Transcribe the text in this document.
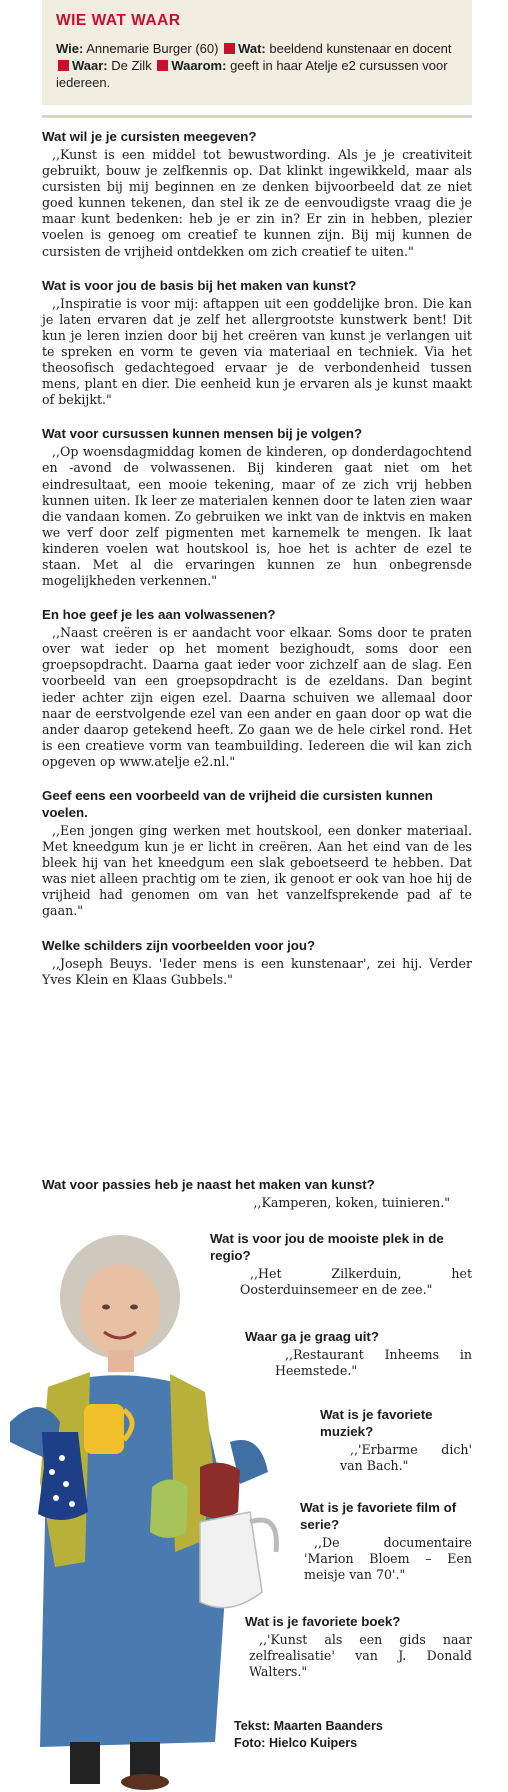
WIE WAT WAAR
Wie: Annemarie Burger (60) Wat: beeldend kunstenaar en docent Waar: De Zilk Waarom: geeft in haar Atelje e2 cursussen voor iedereen.
Wat wil je je cursisten meegeven?
,,Kunst is een middel tot bewustwording. Als je je creativiteit gebruikt, bouw je zelfkennis op. Dat klinkt ingewikkeld, maar als cursisten bij mij beginnen en ze denken bijvoorbeeld dat ze niet goed kunnen tekenen, dan stel ik ze de eenvoudigste vraag die je maar kunt bedenken: heb je er zin in? Er zin in hebben, plezier voelen is genoeg om creatief te kunnen zijn. Bij mij kunnen de cursisten de vrijheid ontdekken om zich creatief te uiten."
Wat is voor jou de basis bij het maken van kunst?
,,Inspiratie is voor mij: aftappen uit een goddelijke bron. Die kan je laten ervaren dat je zelf het allergrootste kunstwerk bent! Dit kun je leren inzien door bij het creëren van kunst je verlangen uit te spreken en vorm te geven via materiaal en techniek. Via het theosofisch gedachtegoed ervaar je de verbondenheid tussen mens, plant en dier. Die eenheid kun je ervaren als je kunst maakt of bekijkt."
Wat voor cursussen kunnen mensen bij je volgen?
,,Op woensdagmiddag komen de kinderen, op donderdagochtend en -avond de volwassenen. Bij kinderen gaat niet om het eindresultaat, een mooie tekening, maar of ze zich vrij hebben kunnen uiten. Ik leer ze materialen kennen door te laten zien waar die vandaan komen. Zo gebruiken we inkt van de inktvis en maken we verf door zelf pigmenten met karnemelk te mengen. Ik laat kinderen voelen wat houtskool is, hoe het is achter de ezel te staan. Met al die ervaringen kunnen ze hun onbegrensde mogelijkheden verkennen."
En hoe geef je les aan volwassenen?
,,Naast creëren is er aandacht voor elkaar. Soms door te praten over wat ieder op het moment bezighoudt, soms door een groepsopdracht. Daarna gaat ieder voor zichzelf aan de slag. Een voorbeeld van een groepsopdracht is de ezeldans. Dan begint ieder achter zijn eigen ezel. Daarna schuiven we allemaal door naar de eerstvolgende ezel van een ander en gaan door op wat die ander daarop getekend heeft. Zo gaan we de hele cirkel rond. Het is een creatieve vorm van teambuilding. Iedereen die wil kan zich opgeven op www.atelje e2.nl."
Geef eens een voorbeeld van de vrijheid die cursisten kunnen voelen.
,,Een jongen ging werken met houtskool, een donker materiaal. Met kneedgum kun je er licht in creëren. Aan het eind van de les bleek hij van het kneedgum een slak geboetseerd te hebben. Dat was niet alleen prachtig om te zien, ik genoot er ook van hoe hij de vrijheid had genomen om van het vanzelfsprekende pad af te gaan."
Welke schilders zijn voorbeelden voor jou?
,,Joseph Beuys. 'Ieder mens is een kunstenaar', zei hij. Verder Yves Klein en Klaas Gubbels."
Wat voor passies heb je naast het maken van kunst?
,,Kamperen, koken, tuinieren."
Wat is voor jou de mooiste plek in de regio?
,,Het Zilkerduin, het Oosterduinsemeer en de zee."
Waar ga je graag uit?
,,Restaurant Inheems in Heemstede."
Wat is je favoriete muziek?
,,'Erbarme dich' van Bach."
Wat is je favoriete film of serie?
,,De documentaire 'Marion Bloem – Een meisje van 70'."
Wat is je favoriete boek?
,,'Kunst als een gids naar zelfrealisatie' van J. Donald Walters."
Tekst: Maarten Baanders
Foto: Hielco Kuipers
